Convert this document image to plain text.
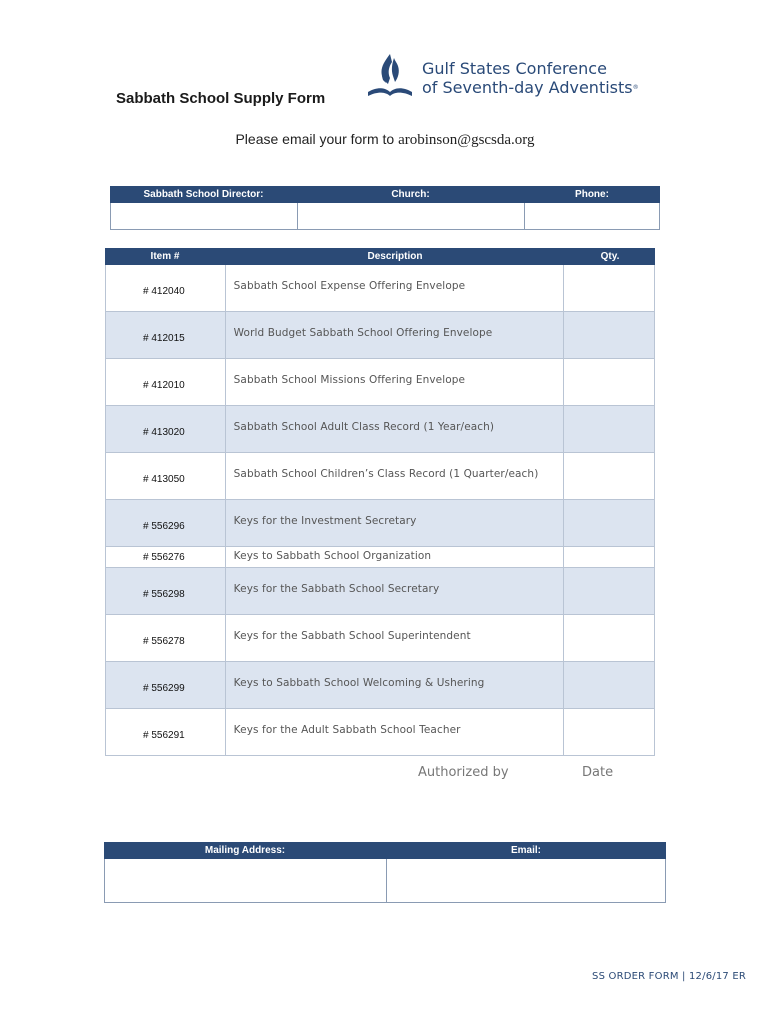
Sabbath School Supply Form
Gulf States Conference
of Seventh-day Adventists®
Please email your form to arobinson@gscsda.org
Sabbath School Director:	Church:	Phone:
Item #	Description	Qty.
# 412040	Sabbath School Expense Offering Envelope
# 412015	World Budget Sabbath School Offering Envelope
# 412010	Sabbath School Missions Offering Envelope
# 413020	Sabbath School Adult Class Record (1 Year/each)
# 413050	Sabbath School Children’s Class Record (1 Quarter/each)
# 556296	Keys for the Investment Secretary
# 556276	Keys to Sabbath School Organization
# 556298	Keys for the Sabbath School Secretary
# 556278	Keys for the Sabbath School Superintendent
# 556299	Keys to Sabbath School Welcoming & Ushering
# 556291	Keys for the Adult Sabbath School Teacher
Authorized by	Date
Mailing Address:	Email:
SS ORDER FORM | 12/6/17 ER
